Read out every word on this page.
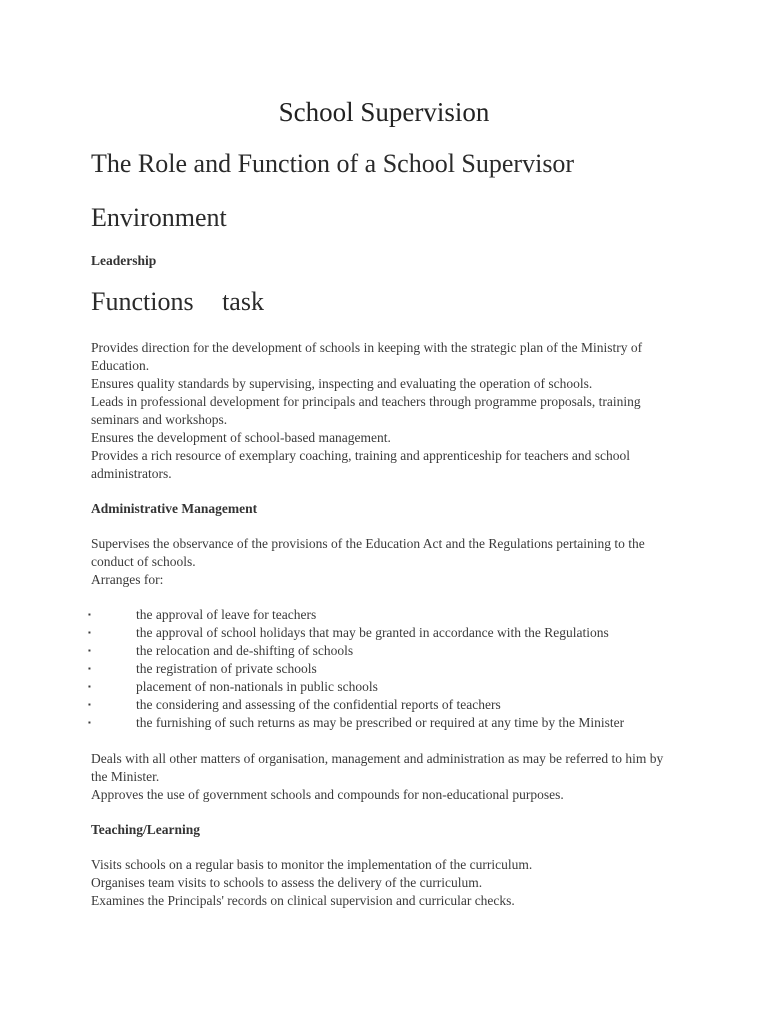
School Supervision
The Role and Function of a School Supervisor
Environment
Leadership
Functions task

Provides direction for the development of schools in keeping with the strategic plan of the Ministry of Education.

Ensures quality standards by supervising, inspecting and evaluating the operation of schools.

Leads in professional development for principals and teachers through programme proposals, training seminars and workshops.

Ensures the development of school-based management.

Provides a rich resource of exemplary coaching, training and apprenticeship for teachers and school administrators.

Administrative Management

Supervises the observance of the provisions of the Education Act and the Regulations pertaining to the conduct of schools.

Arranges for:

▪	the approval of leave for teachers
▪	the approval of school holidays that may be granted in accordance with the Regulations
▪	the relocation and de-shifting of schools
▪	the registration of private schools
▪	placement of non-nationals in public schools
▪	the considering and assessing of the confidential reports of teachers
▪	the furnishing of such returns as may be prescribed or required at any time by the Minister

Deals with all other matters of organisation, management and administration as may be referred to him by the Minister.

Approves the use of government schools and compounds for non-educational purposes.

Teaching/Learning

Visits schools on a regular basis to monitor the implementation of the curriculum.

Organises team visits to schools to assess the delivery of the curriculum.

Examines the Principals' records on clinical supervision and curricular checks.
